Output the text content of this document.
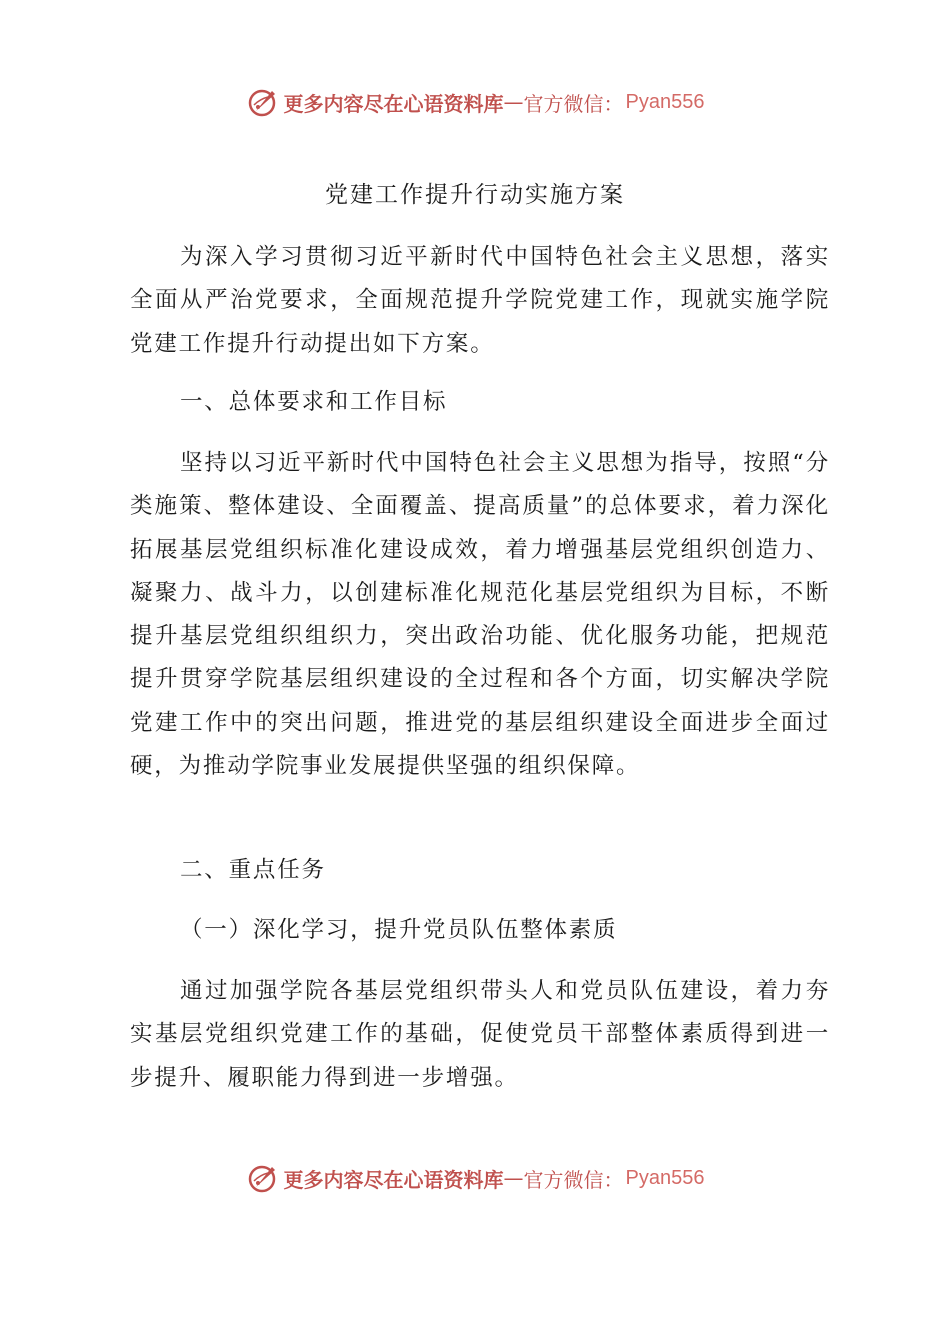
更多内容尽在心语资料库 — 官方微信： Pyan556
党建工作提升行动实施方案
为深入学习贯彻习近平新时代中国特色社会主义思想，落实全面从严治党要求，全面规范提升学院党建工作，现就实施学院党建工作提升行动提出如下方案。
一、总体要求和工作目标
坚持以习近平新时代中国特色社会主义思想为指导，按照“分类施策、整体建设、全面覆盖、提高质量”的总体要求，着力深化拓展基层党组织标准化建设成效，着力增强基层党组织创造力、凝聚力、战斗力，以创建标准化规范化基层党组织为目标，不断提升基层党组织组织力，突出政治功能、优化服务功能，把规范提升贯穿学院基层组织建设的全过程和各个方面，切实解决学院党建工作中的突出问题，推进党的基层组织建设全面进步全面过硬，为推动学院事业发展提供坚强的组织保障。
二、重点任务
（一）深化学习，提升党员队伍整体素质
通过加强学院各基层党组织带头人和党员队伍建设，着力夯实基层党组织党建工作的基础，促使党员干部整体素质得到进一步提升、履职能力得到进一步增强。
更多内容尽在心语资料库 — 官方微信： Pyan556
